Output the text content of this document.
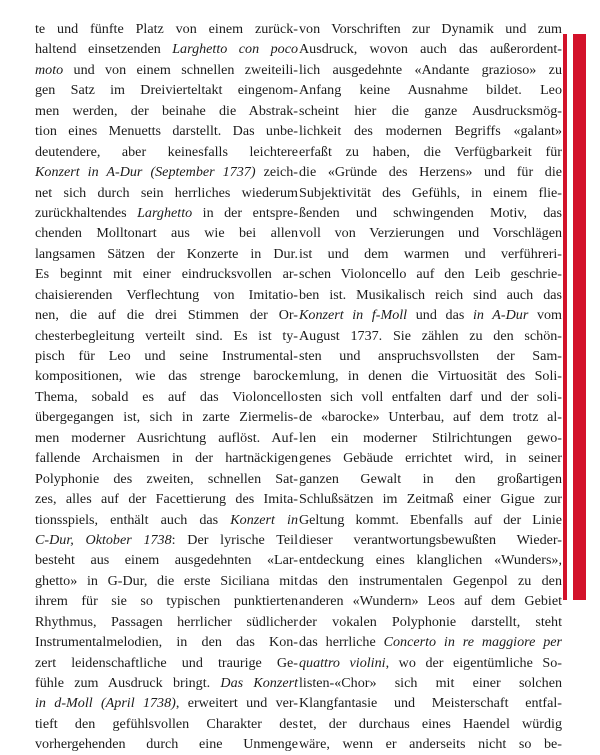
te und fünfte Platz von einem zurück-
haltend einsetzenden Larghetto con poco
moto und von einem schnellen zweiteili-
gen Satz im Dreivierteltakt eingenom-
men werden, der beinahe die Abstrak-
tion eines Menuetts darstellt. Das unbe-
deutendere, aber keinesfalls leichtere
Konzert in A-Dur (September 1737) zeich-
net sich durch sein herrliches wiederum
zurückhaltendes Larghetto in der entspre-
chenden Molltonart aus wie bei allen
langsamen Sätzen der Konzerte in Dur.
Es beginnt mit einer eindrucksvollen ar-
chaisierenden Verflechtung von Imitatio-
nen, die auf die drei Stimmen der Or-
chesterbegleitung verteilt sind. Es ist ty-
pisch für Leo und seine Instrumental-
kompositionen, wie das strenge barocke
Thema, sobald es auf das Violoncello
übergegangen ist, sich in zarte Ziermelis-
men moderner Ausrichtung auflöst. Auf-
fallende Archaismen in der hartnäckigen
Polyphonie des zweiten, schnellen Sat-
zes, alles auf der Facettierung des Imita-
tionsspiels, enthält auch das Konzert in
C-Dur, Oktober 1738: Der lyrische Teil
besteht aus einem ausgedehnten «Lar-
ghetto» in G-Dur, die erste Siciliana mit
ihrem für sie so typischen punktierten
Rhythmus, Passagen herrlicher südlicher
Instrumentalmelodien, in den das Kon-
zert leidenschaftliche und traurige Ge-
fühle zum Ausdruck bringt. Das Konzert
in d-Moll (April 1738), erweitert und ver-
tieft den gefühlsvollen Charakter des
vorhergehenden durch eine Unmenge
von Vorschriften zur Dynamik und zum
Ausdruck, wovon auch das außerordent-
lich ausgedehnte «Andante grazioso» zu
Anfang keine Ausnahme bildet. Leo
scheint hier die ganze Ausdrucksmög-
lichkeit des modernen Begriffs «galant»
erfaßt zu haben, die Verfügbarkeit für
die «Gründe des Herzens» und für die
Subjektivität des Gefühls, in einem flie-
ßenden und schwingenden Motiv, das
voll von Verzierungen und Vorschlägen
ist und dem warmen und verführeri-
schen Violoncello auf den Leib geschrie-
ben ist. Musikalisch reich sind auch das
Konzert in f-Moll und das in A-Dur vom
August 1737. Sie zählen zu den schön-
sten und anspruchsvollsten der Sam-
mlung, in denen die Virtuosität des Soli-
sten sich voll entfalten darf und der soli-
de «barocke» Unterbau, auf dem trotz al-
len ein moderner Stilrichtungen gewo-
genes Gebäude errichtet wird, in seiner
ganzen Gewalt in den großartigen
Schlußsätzen im Zeitmaß einer Gigue zur
Geltung kommt. Ebenfalls auf der Linie
dieser verantwortungsbewußten Wieder-
entdeckung eines klanglichen «Wunders»,
das den instrumentalen Gegenpol zu den
anderen «Wundern» Leos auf dem Gebiet
der vokalen Polyphonie darstellt, steht
das herrliche Concerto in re maggiore per
quattro violini, wo der eigentümliche So-
listen-«Chor» sich mit einer solchen
Klangfantasie und Meisterschaft entfal-
tet, der durchaus eines Haendel würdig
wäre, wenn er anderseits nicht so be-
